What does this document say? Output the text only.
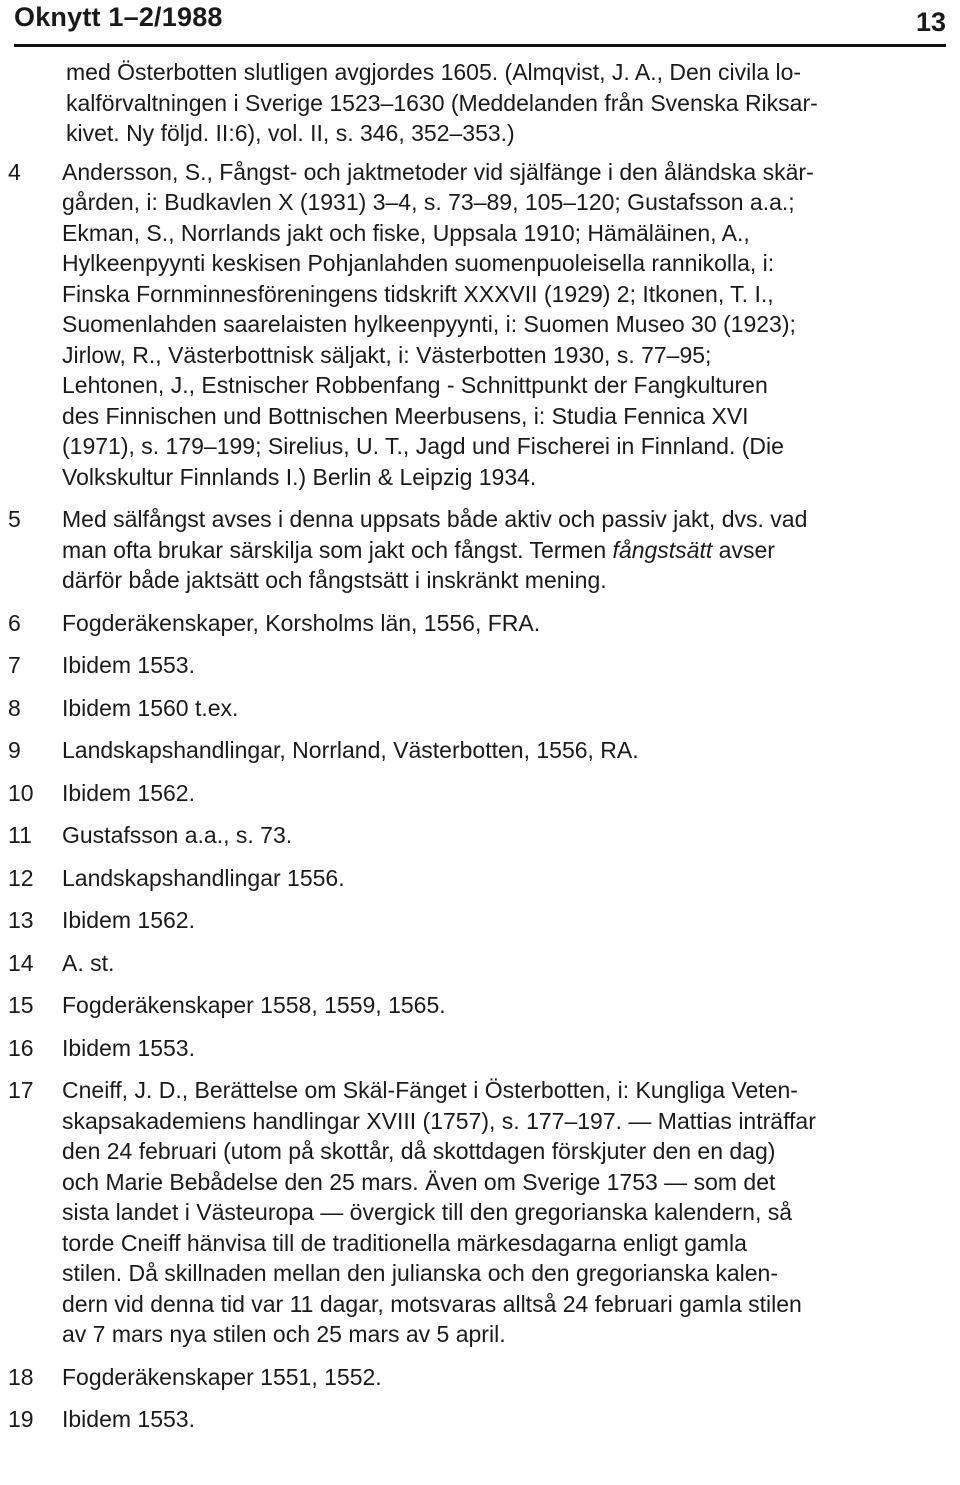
Oknytt 1–2/1988	13
med Österbotten slutligen avgjordes 1605. (Almqvist, J. A., Den civila lo-
kalförvaltningen i Sverige 1523–1630 (Meddelanden från Svenska Riksar-
kivet. Ny följd. II:6), vol. II, s. 346, 352–353.)
4	Andersson, S., Fångst- och jaktmetoder vid själfänge i den åländska skär-
gården, i: Budkavlen X (1931) 3–4, s. 73–89, 105–120; Gustafsson a.a.;
Ekman, S., Norrlands jakt och fiske, Uppsala 1910; Hämäläinen, A.,
Hylkeenpyynti keskisen Pohjanlahden suomenpuoleisella rannikolla, i:
Finska Fornminnesföreningens tidskrift XXXVII (1929) 2; Itkonen, T. I.,
Suomenlahden saarelaisten hylkeenpyynti, i: Suomen Museo 30 (1923);
Jirlow, R., Västerbottnisk säljakt, i: Västerbotten 1930, s. 77–95;
Lehtonen, J., Estnischer Robbenfang - Schnittpunkt der Fangkulturen
des Finnischen und Bottnischen Meerbusens, i: Studia Fennica XVI
(1971), s. 179–199; Sirelius, U. T., Jagd und Fischerei in Finnland. (Die
Volkskultur Finnlands I.) Berlin & Leipzig 1934.
5	Med sälfångst avses i denna uppsats både aktiv och passiv jakt, dvs. vad
man ofta brukar särskilja som jakt och fångst. Termen fångstsätt avser
därför både jaktsätt och fångstsätt i inskränkt mening.
6	Fogderäkenskaper, Korsholms län, 1556, FRA.
7	Ibidem 1553.
8	Ibidem 1560 t.ex.
9	Landskapshandlingar, Norrland, Västerbotten, 1556, RA.
10	Ibidem 1562.
11	Gustafsson a.a., s. 73.
12	Landskapshandlingar 1556.
13	Ibidem 1562.
14	A. st.
15	Fogderäkenskaper 1558, 1559, 1565.
16	Ibidem 1553.
17	Cneiff, J. D., Berättelse om Skäl-Fänget i Österbotten, i: Kungliga Veten-
skapsakademiens handlingar XVIII (1757), s. 177–197. — Mattias inträffar
den 24 februari (utom på skottår, då skottdagen förskjuter den en dag)
och Marie Bebådelse den 25 mars. Även om Sverige 1753 — som det
sista landet i Västeuropa — övergick till den gregorianska kalendern, så
torde Cneiff hänvisa till de traditionella märkesdagarna enligt gamla
stilen. Då skillnaden mellan den julianska och den gregorianska kalen-
dern vid denna tid var 11 dagar, motsvaras alltså 24 februari gamla stilen
av 7 mars nya stilen och 25 mars av 5 april.
18	Fogderäkenskaper 1551, 1552.
19	Ibidem 1553.
